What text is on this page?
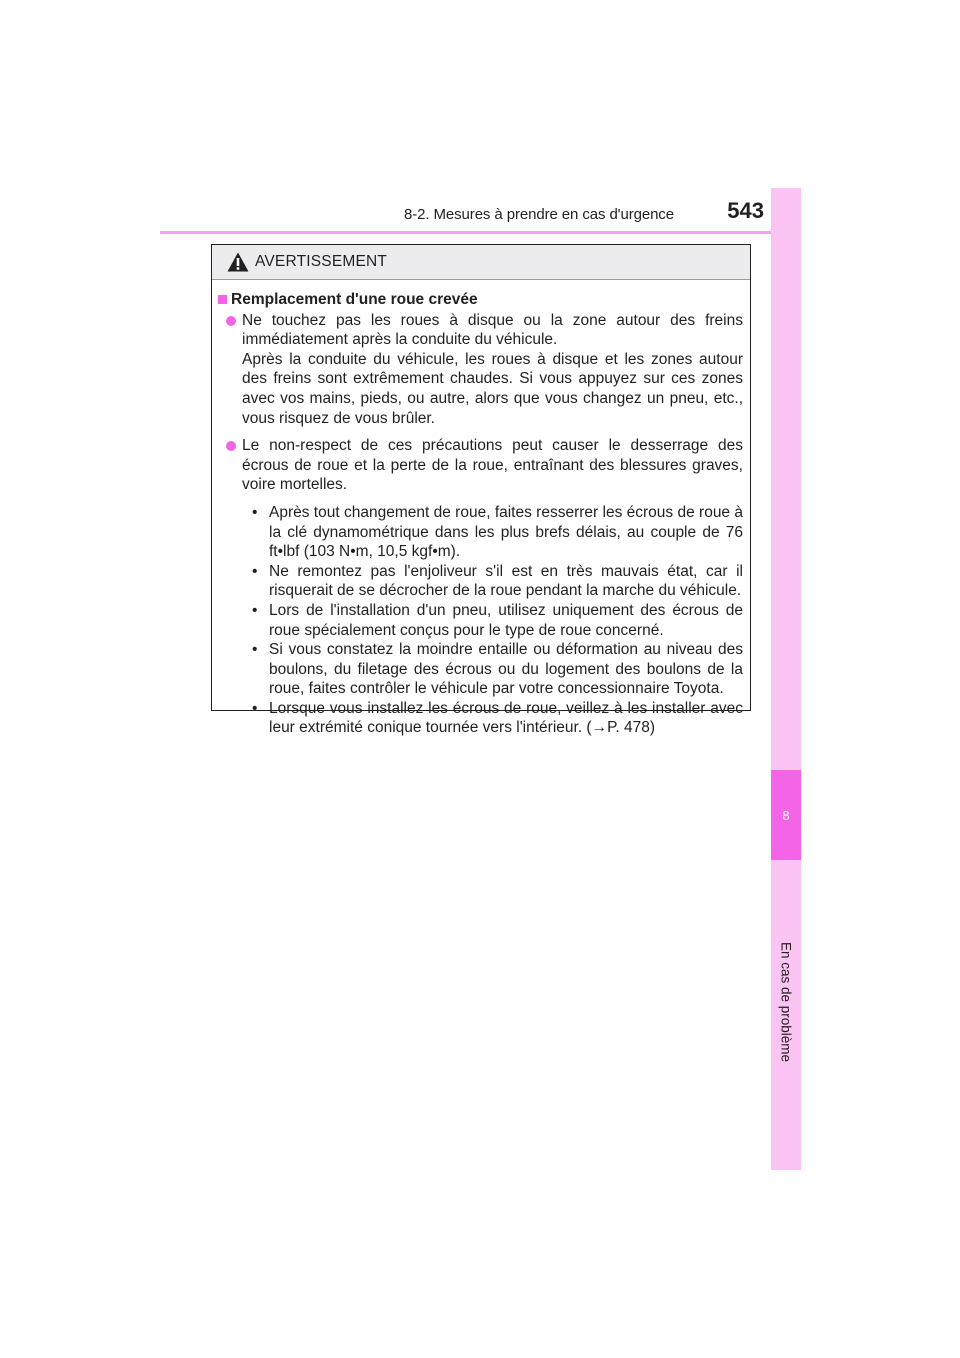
8-2. Mesures à prendre en cas d'urgence	543
8
En cas de problème
AVERTISSEMENT
Remplacement d'une roue crevée
Ne touchez pas les roues à disque ou la zone autour des freins immédiatement après la conduite du véhicule.
Après la conduite du véhicule, les roues à disque et les zones autour des freins sont extrêmement chaudes. Si vous appuyez sur ces zones avec vos mains, pieds, ou autre, alors que vous changez un pneu, etc., vous risquez de vous brûler.
Le non-respect de ces précautions peut causer le desserrage des écrous de roue et la perte de la roue, entraînant des blessures graves, voire mortelles.
• Après tout changement de roue, faites resserrer les écrous de roue à la clé dynamométrique dans les plus brefs délais, au couple de 76 ft•lbf (103 N•m, 10,5 kgf•m).
• Ne remontez pas l'enjoliveur s'il est en très mauvais état, car il risquerait de se décrocher de la roue pendant la marche du véhicule.
• Lors de l'installation d'un pneu, utilisez uniquement des écrous de roue spécialement conçus pour le type de roue concerné.
• Si vous constatez la moindre entaille ou déformation au niveau des boulons, du filetage des écrous ou du logement des boulons de la roue, faites contrôler le véhicule par votre concessionnaire Toyota.
• Lorsque vous installez les écrous de roue, veillez à les installer avec leur extrémité conique tournée vers l'intérieur. (→P. 478)
